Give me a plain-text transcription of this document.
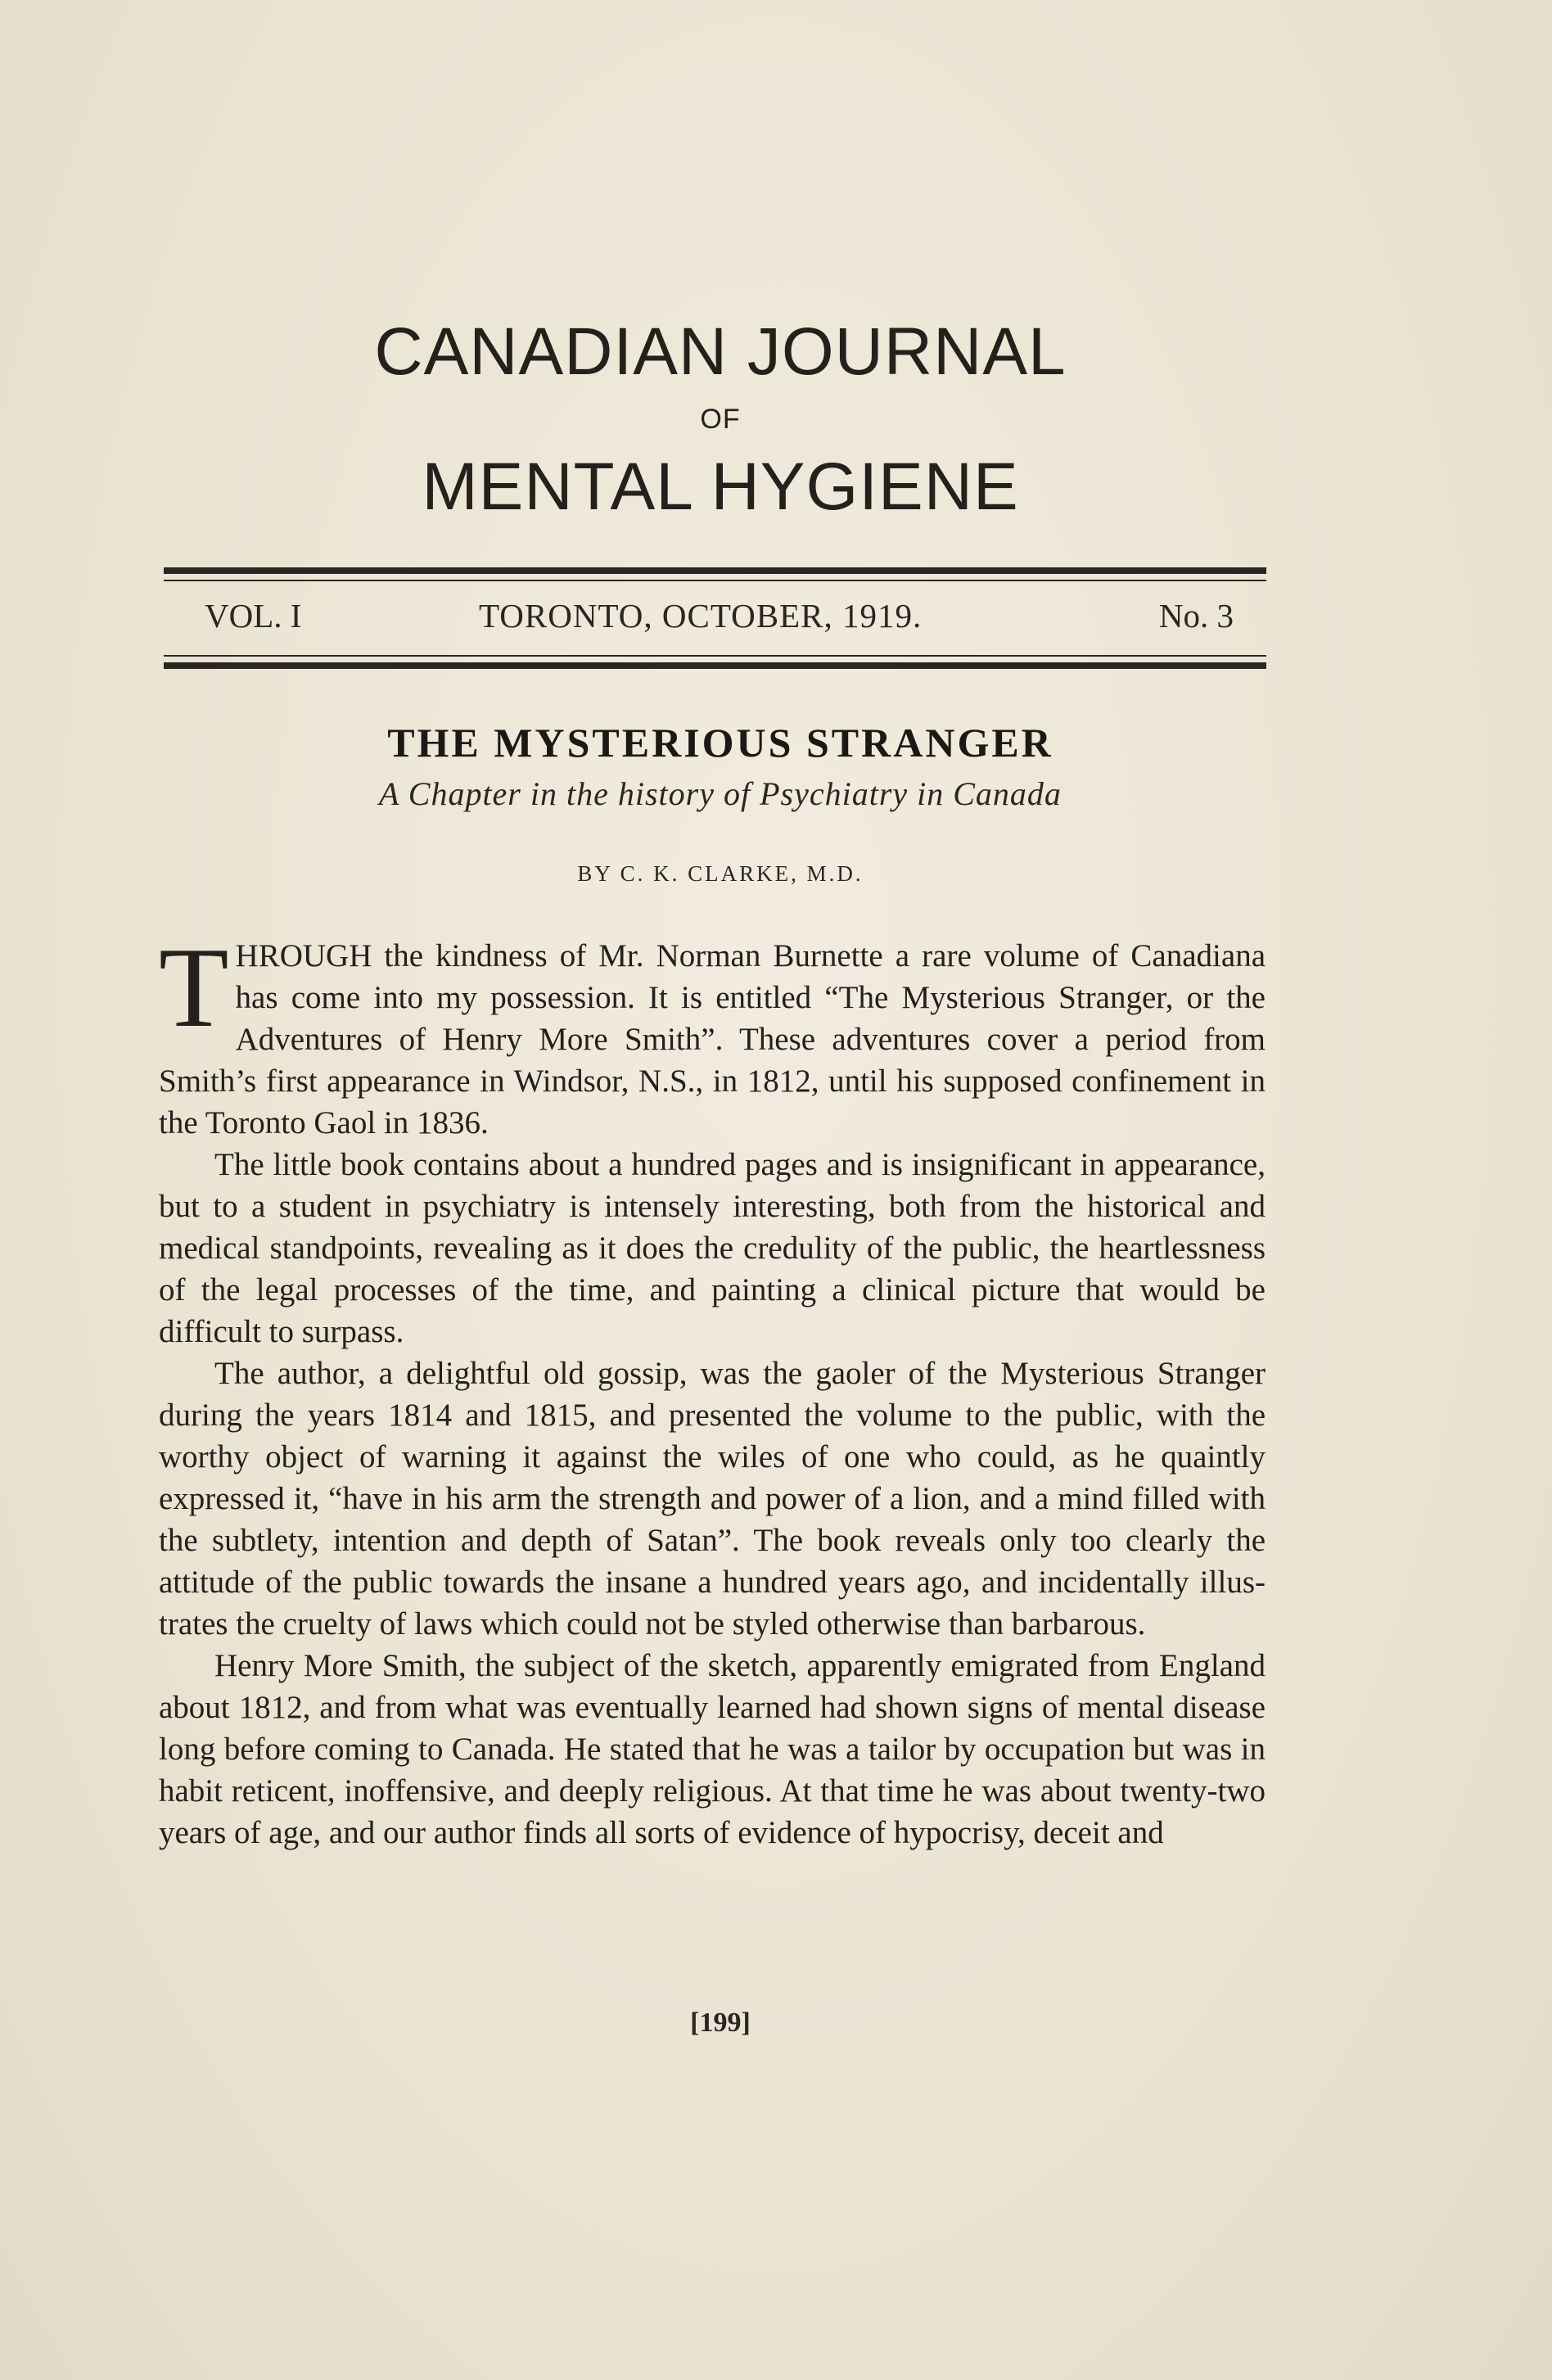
CANADIAN JOURNAL
OF
MENTAL HYGIENE
VOL. I	TORONTO, OCTOBER, 1919.	No. 3
THE MYSTERIOUS STRANGER
A Chapter in the history of Psychiatry in Canada
BY C. K. CLARKE, M.D.

THROUGH the kindness of Mr. Norman Burnette a rare volume of Canadiana has come into my possession. It is entitled “The Mysterious Stranger, or the Adventures of Henry More Smith”. These adventures cover a period from Smith’s first appearance in Windsor, N.S., in 1812, until his supposed confinement in the Toronto Gaol in 1836.

The little book contains about a hundred pages and is insignificant in appearance, but to a student in psychiatry is intensely interesting, both from the historical and medical standpoints, revealing as it does the credulity of the public, the heartlessness of the legal processes of the time, and painting a clinical picture that would be difficult to surpass.

The author, a delightful old gossip, was the gaoler of the Mysterious Stranger during the years 1814 and 1815, and presented the volume to the public, with the worthy object of warning it against the wiles of one who could, as he quaintly expressed it, “have in his arm the strength and power of a lion, and a mind filled with the subtlety, intention and depth of Satan”. The book reveals only too clearly the attitude of the public towards the insane a hundred years ago, and incidentally illustrates the cruelty of laws which could not be styled otherwise than barbarous.

Henry More Smith, the subject of the sketch, apparently emigrated from England about 1812, and from what was eventually learned had shown signs of mental disease long before coming to Canada. He stated that he was a tailor by occupation but was in habit reticent, inoffensive, and deeply religious. At that time he was about twenty-two years of age, and our author finds all sorts of evidence of hypocrisy, deceit and

[199]
